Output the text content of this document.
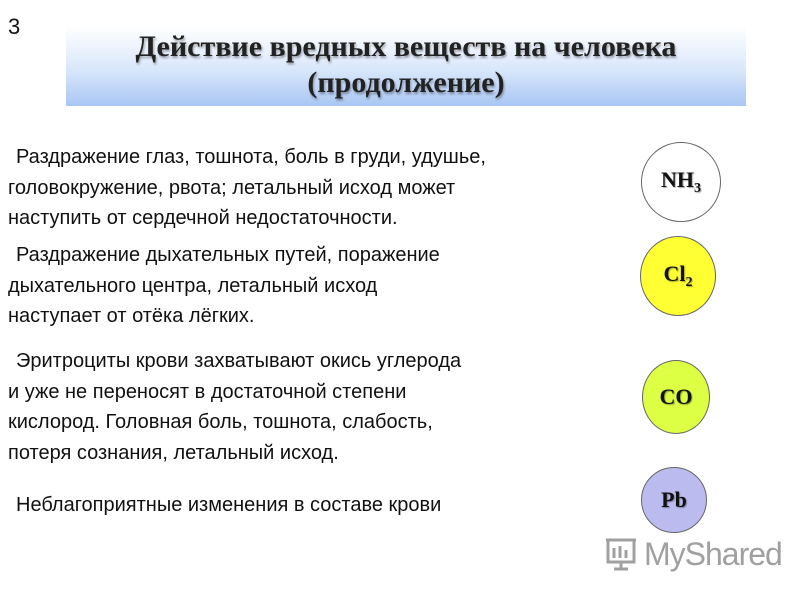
3
Действие вредных веществ на человека
(продолжение)
Раздражение глаз, тошнота, боль в груди, удушье,
головокружение, рвота; летальный исход может
наступить от сердечной недостаточности.
Раздражение дыхательных путей, поражение
дыхательного центра, летальный исход
наступает от отёка лёгких.
Эритроциты крови захватывают окись углерода
и уже не переносят в достаточной степени
кислород. Головная боль, тошнота, слабость,
потеря сознания, летальный исход.
Неблагоприятные изменения в составе крови
$NH_3$
$Cl_2$
CO
Pb
MyShared
